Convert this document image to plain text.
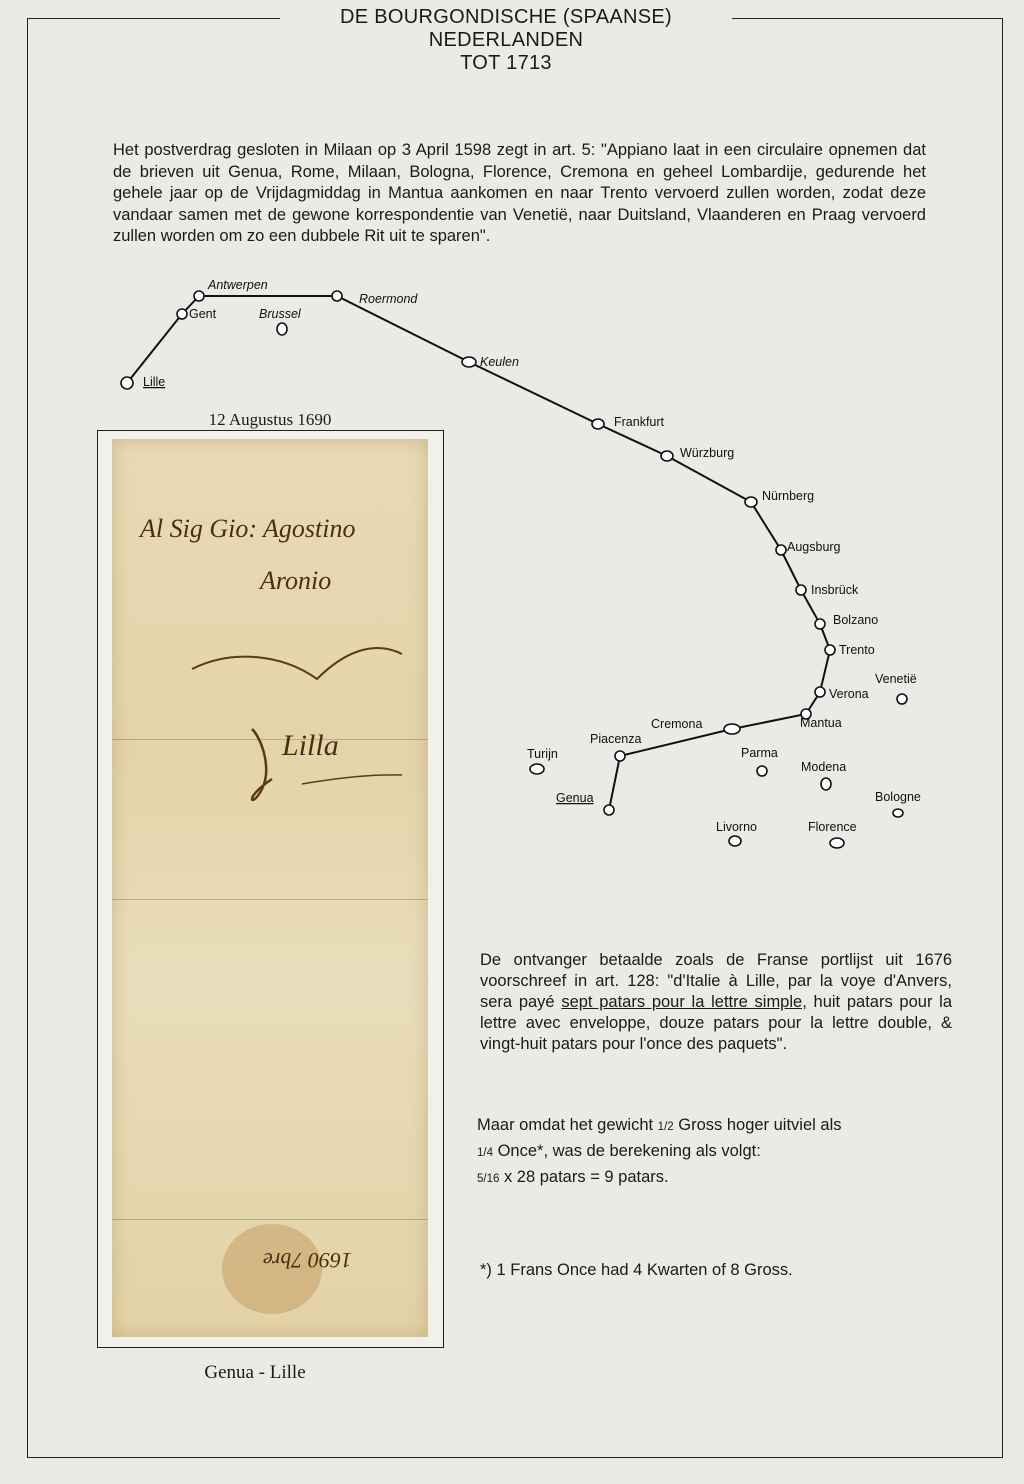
DE BOURGONDISCHE (SPAANSE)
NEDERLANDEN
TOT 1713
Het postverdrag gesloten in Milaan op 3 April 1598 zegt in art. 5: "Appiano laat in een circulaire opnemen dat de brieven uit Genua, Rome, Milaan, Bologna, Florence, Cremona en geheel Lombardije, gedurende het gehele jaar op de Vrijdagmiddag in Mantua aankomen en naar Trento vervoerd zullen worden, zodat deze vandaar samen met de gewone korrespondentie van Venetië, naar Duitsland, Vlaanderen en Praag vervoerd zullen worden om zo een dubbele Rit uit te sparen".
Lille
Gent
Antwerpen
Roermond
Keulen
Frankfurt
Würzburg
Nürnberg
Augsburg
Insbrück
Bolzano
Trento
Verona
Mantua
Cremona
Piacenza
Genua
Brussel
Venetië
Turijn	Parma
Modena
Bologne
Livorno	Florence
12 Augustus 1690
Al Sig Gio: Agostino
Aronio
Lilla
1690 7bre
Genua - Lille
De ontvanger betaalde zoals de Franse portlijst uit 1676 voorschreef in art. 128: "d'Italie à Lille, par la voye d'Anvers, sera payé sept patars pour la lettre simple, huit patars pour la lettre avec enveloppe, douze patars pour la lettre double, & vingt-huit patars pour l'once des paquets".
Maar omdat het gewicht 1/2 Gross hoger uitviel als
1/4 Once*, was de berekening als volgt:
5/16 x 28 patars = 9 patars.
*) 1 Frans Once had 4 Kwarten of 8 Gross.
